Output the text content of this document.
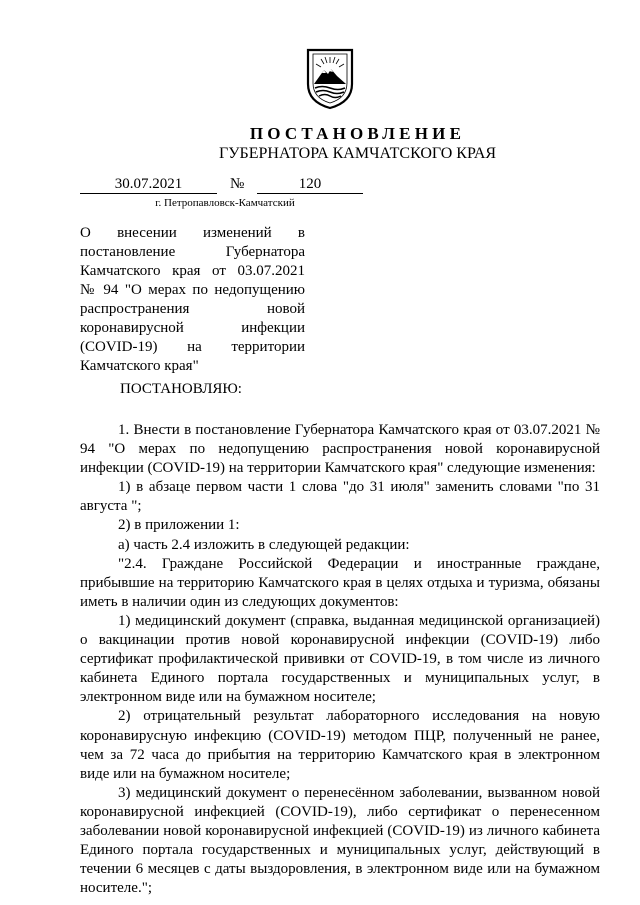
ПОСТАНОВЛЕНИЕ
ГУБЕРНАТОРА КАМЧАТСКОГО КРАЯ
30.07.2021	№	120
г. Петропавловск-Камчатский
О внесении изменений в
постановление Губернатора
Камчатского края от 03.07.2021
№ 94 "О мерах по недопущению
распространения новой
коронавирусной инфекции
(COVID-19) на территории
Камчатского края"
ПОСТАНОВЛЯЮ:

1. Внести в постановление Губернатора Камчатского края от 03.07.2021 № 94 "О мерах по недопущению распространения новой коронавирусной инфекции (COVID-19) на территории Камчатского края" следующие изменения:

1) в абзаце первом части 1 слова "до 31 июля" заменить словами "по 31 августа ";

2) в приложении 1:

а) часть 2.4 изложить в следующей редакции:

"2.4. Граждане Российской Федерации и иностранные граждане, прибывшие на территорию Камчатского края в целях отдыха и туризма, обязаны иметь в наличии один из следующих документов:

1) медицинский документ (справка, выданная медицинской организацией) о вакцинации против новой коронавирусной инфекции (COVID-19) либо сертификат профилактической прививки от COVID-19, в том числе из личного кабинета Единого портала государственных и муниципальных услуг, в электронном виде или на бумажном носителе;

2) отрицательный результат лабораторного исследования на новую коронавирусную инфекцию (COVID-19) методом ПЦР, полученный не ранее, чем за 72 часа до прибытия на территорию Камчатского края в электронном виде или на бумажном носителе;

3) медицинский документ о перенесённом заболевании, вызванном новой коронавирусной инфекцией (COVID-19), либо сертификат о перенесенном заболевании новой коронавирусной инфекцией (COVID-19) из личного кабинета Единого портала государственных и муниципальных услуг, действующий в течении 6 месяцев с даты выздоровления, в электронном виде или на бумажном носителе.";
